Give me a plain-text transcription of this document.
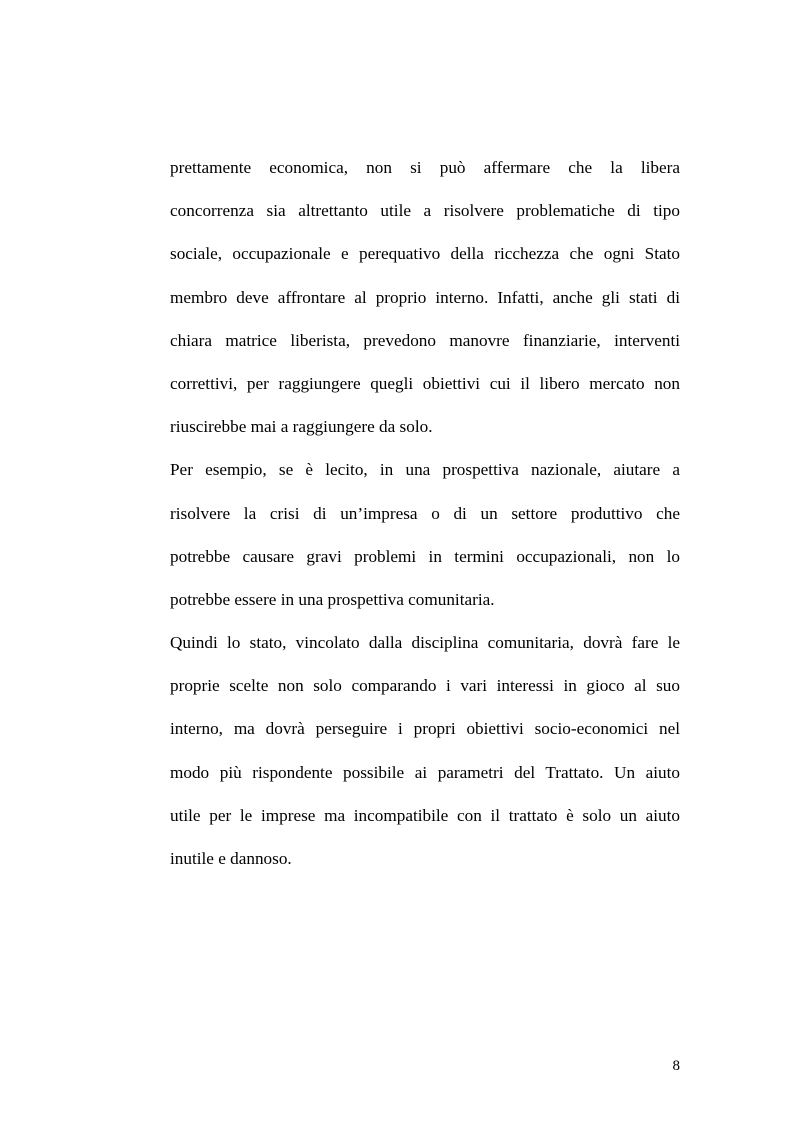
prettamente economica, non si può affermare che la libera
concorrenza sia altrettanto utile a risolvere problematiche di tipo
sociale, occupazionale e perequativo della ricchezza che ogni Stato
membro deve affrontare al proprio interno. Infatti, anche gli stati di
chiara matrice liberista, prevedono manovre finanziarie, interventi
correttivi, per raggiungere quegli obiettivi cui il libero mercato non
riuscirebbe mai a raggiungere da solo.
Per esempio, se è lecito, in una prospettiva nazionale, aiutare a
risolvere la crisi di un’impresa o di un settore produttivo che
potrebbe causare gravi problemi in termini occupazionali, non lo
potrebbe essere in una prospettiva comunitaria.
Quindi lo stato, vincolato dalla disciplina comunitaria, dovrà fare le
proprie scelte non solo comparando i vari interessi in gioco al suo
interno, ma dovrà perseguire i propri obiettivi socio-economici nel
modo più rispondente possibile ai parametri del Trattato. Un aiuto
utile per le imprese ma incompatibile con il trattato è solo un aiuto
inutile e dannoso.
8
